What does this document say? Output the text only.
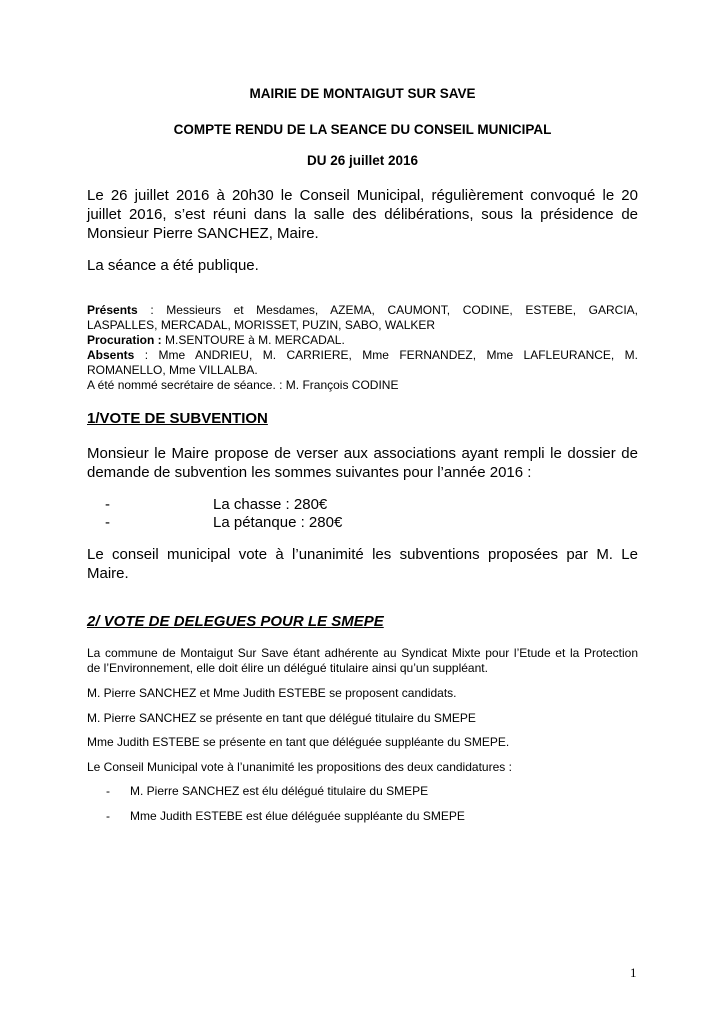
MAIRIE DE MONTAIGUT SUR SAVE
COMPTE RENDU DE LA SEANCE DU CONSEIL MUNICIPAL
DU 26 juillet 2016
Le 26 juillet 2016 à 20h30 le Conseil Municipal, régulièrement convoqué le 20 juillet 2016, s’est réuni dans la salle des délibérations, sous la présidence de Monsieur Pierre SANCHEZ, Maire.
La séance a été publique.
Présents : Messieurs et Mesdames, AZEMA, CAUMONT, CODINE, ESTEBE, GARCIA,
LASPALLES, MERCADAL, MORISSET, PUZIN, SABO, WALKER
Procuration : M.SENTOURE à M. MERCADAL.
Absents : Mme ANDRIEU, M. CARRIERE, Mme FERNANDEZ, Mme LAFLEURANCE, M.
ROMANELLO, Mme VILLALBA.
A été nommé secrétaire de séance. : M. François CODINE
1/VOTE DE SUBVENTION
Monsieur le Maire propose de verser aux associations ayant rempli le dossier de demande de subvention les sommes suivantes pour l’année 2016 :
-	La chasse : 280€
-	La pétanque : 280€
Le conseil municipal vote à l’unanimité les subventions proposées par M. Le Maire.
2/ VOTE DE DELEGUES POUR LE SMEPE
La commune de Montaigut Sur Save étant adhérente au Syndicat Mixte pour l’Etude et la Protection
de l’Environnement, elle doit élire un délégué titulaire ainsi qu’un suppléant.
M. Pierre SANCHEZ et Mme Judith ESTEBE se proposent candidats.
M. Pierre SANCHEZ se présente en tant que délégué titulaire du SMEPE
Mme Judith ESTEBE se présente en tant que déléguée suppléante du SMEPE.
Le Conseil Municipal vote à l’unanimité les propositions des deux candidatures :
- M. Pierre SANCHEZ est élu délégué titulaire du SMEPE
- Mme Judith ESTEBE est élue déléguée suppléante du SMEPE
1
